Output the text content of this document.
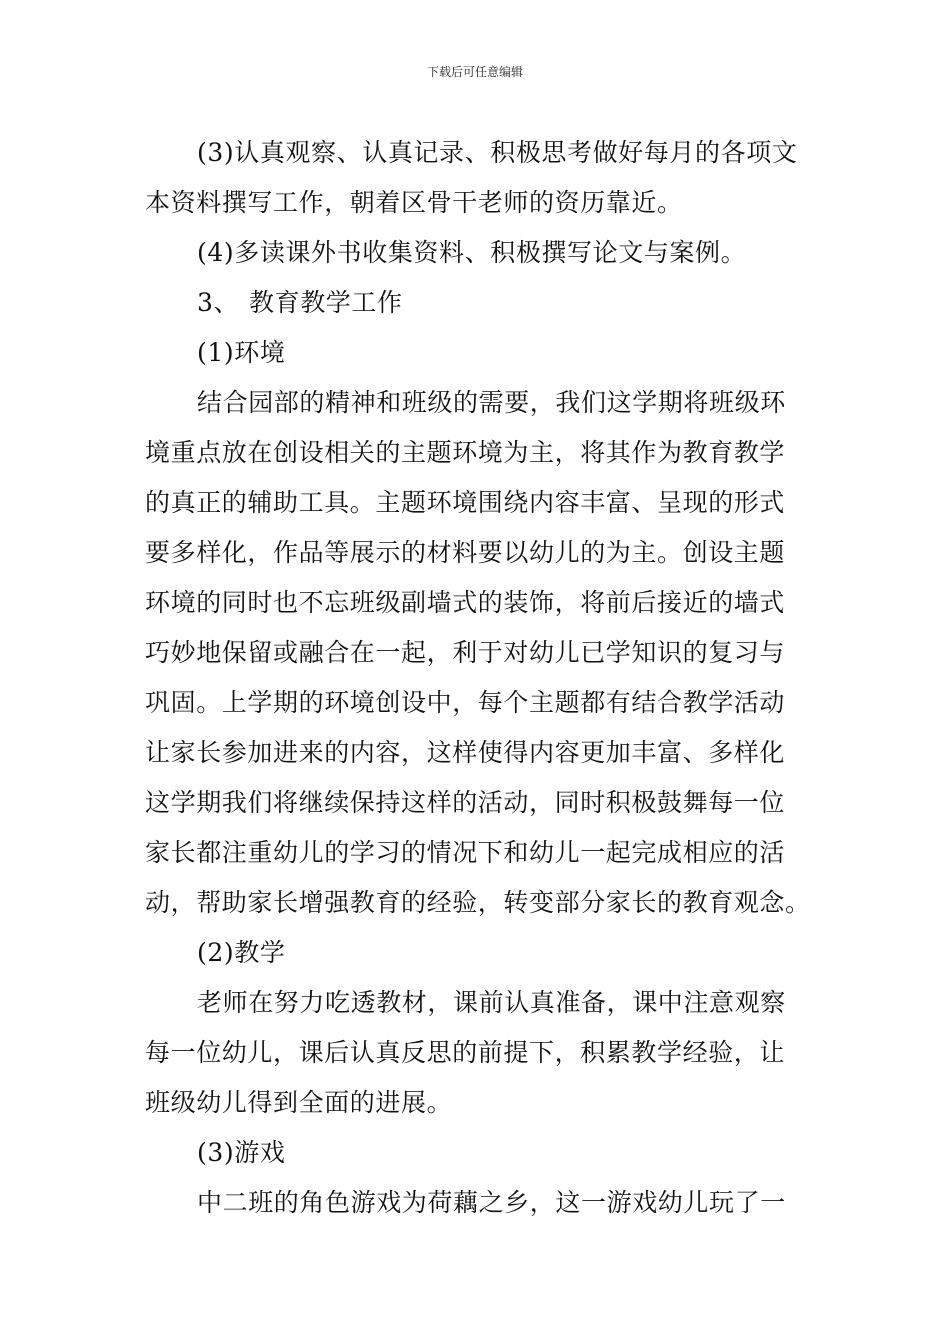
下载后可任意编辑
(3)认真观察、认真记录、积极思考做好每月的各项文
本资料撰写工作，朝着区骨干老师的资历靠近。
(4)多读课外书收集资料、积极撰写论文与案例。
3、 教育教学工作
(1)环境
结合园部的精神和班级的需要，我们这学期将班级环
境重点放在创设相关的主题环境为主，将其作为教育教学
的真正的辅助工具。主题环境围绕内容丰富、呈现的形式
要多样化，作品等展示的材料要以幼儿的为主。创设主题
环境的同时也不忘班级副墙式的装饰，将前后接近的墙式
巧妙地保留或融合在一起，利于对幼儿已学知识的复习与
巩固。上学期的环境创设中，每个主题都有结合教学活动
让家长参加进来的内容，这样使得内容更加丰富、多样化
这学期我们将继续保持这样的活动，同时积极鼓舞每一位
家长都注重幼儿的学习的情况下和幼儿一起完成相应的活
动，帮助家长增强教育的经验，转变部分家长的教育观念。
(2)教学
老师在努力吃透教材，课前认真准备，课中注意观察
每一位幼儿，课后认真反思的前提下，积累教学经验，让
班级幼儿得到全面的进展。
(3)游戏
中二班的角色游戏为荷藕之乡，这一游戏幼儿玩了一
